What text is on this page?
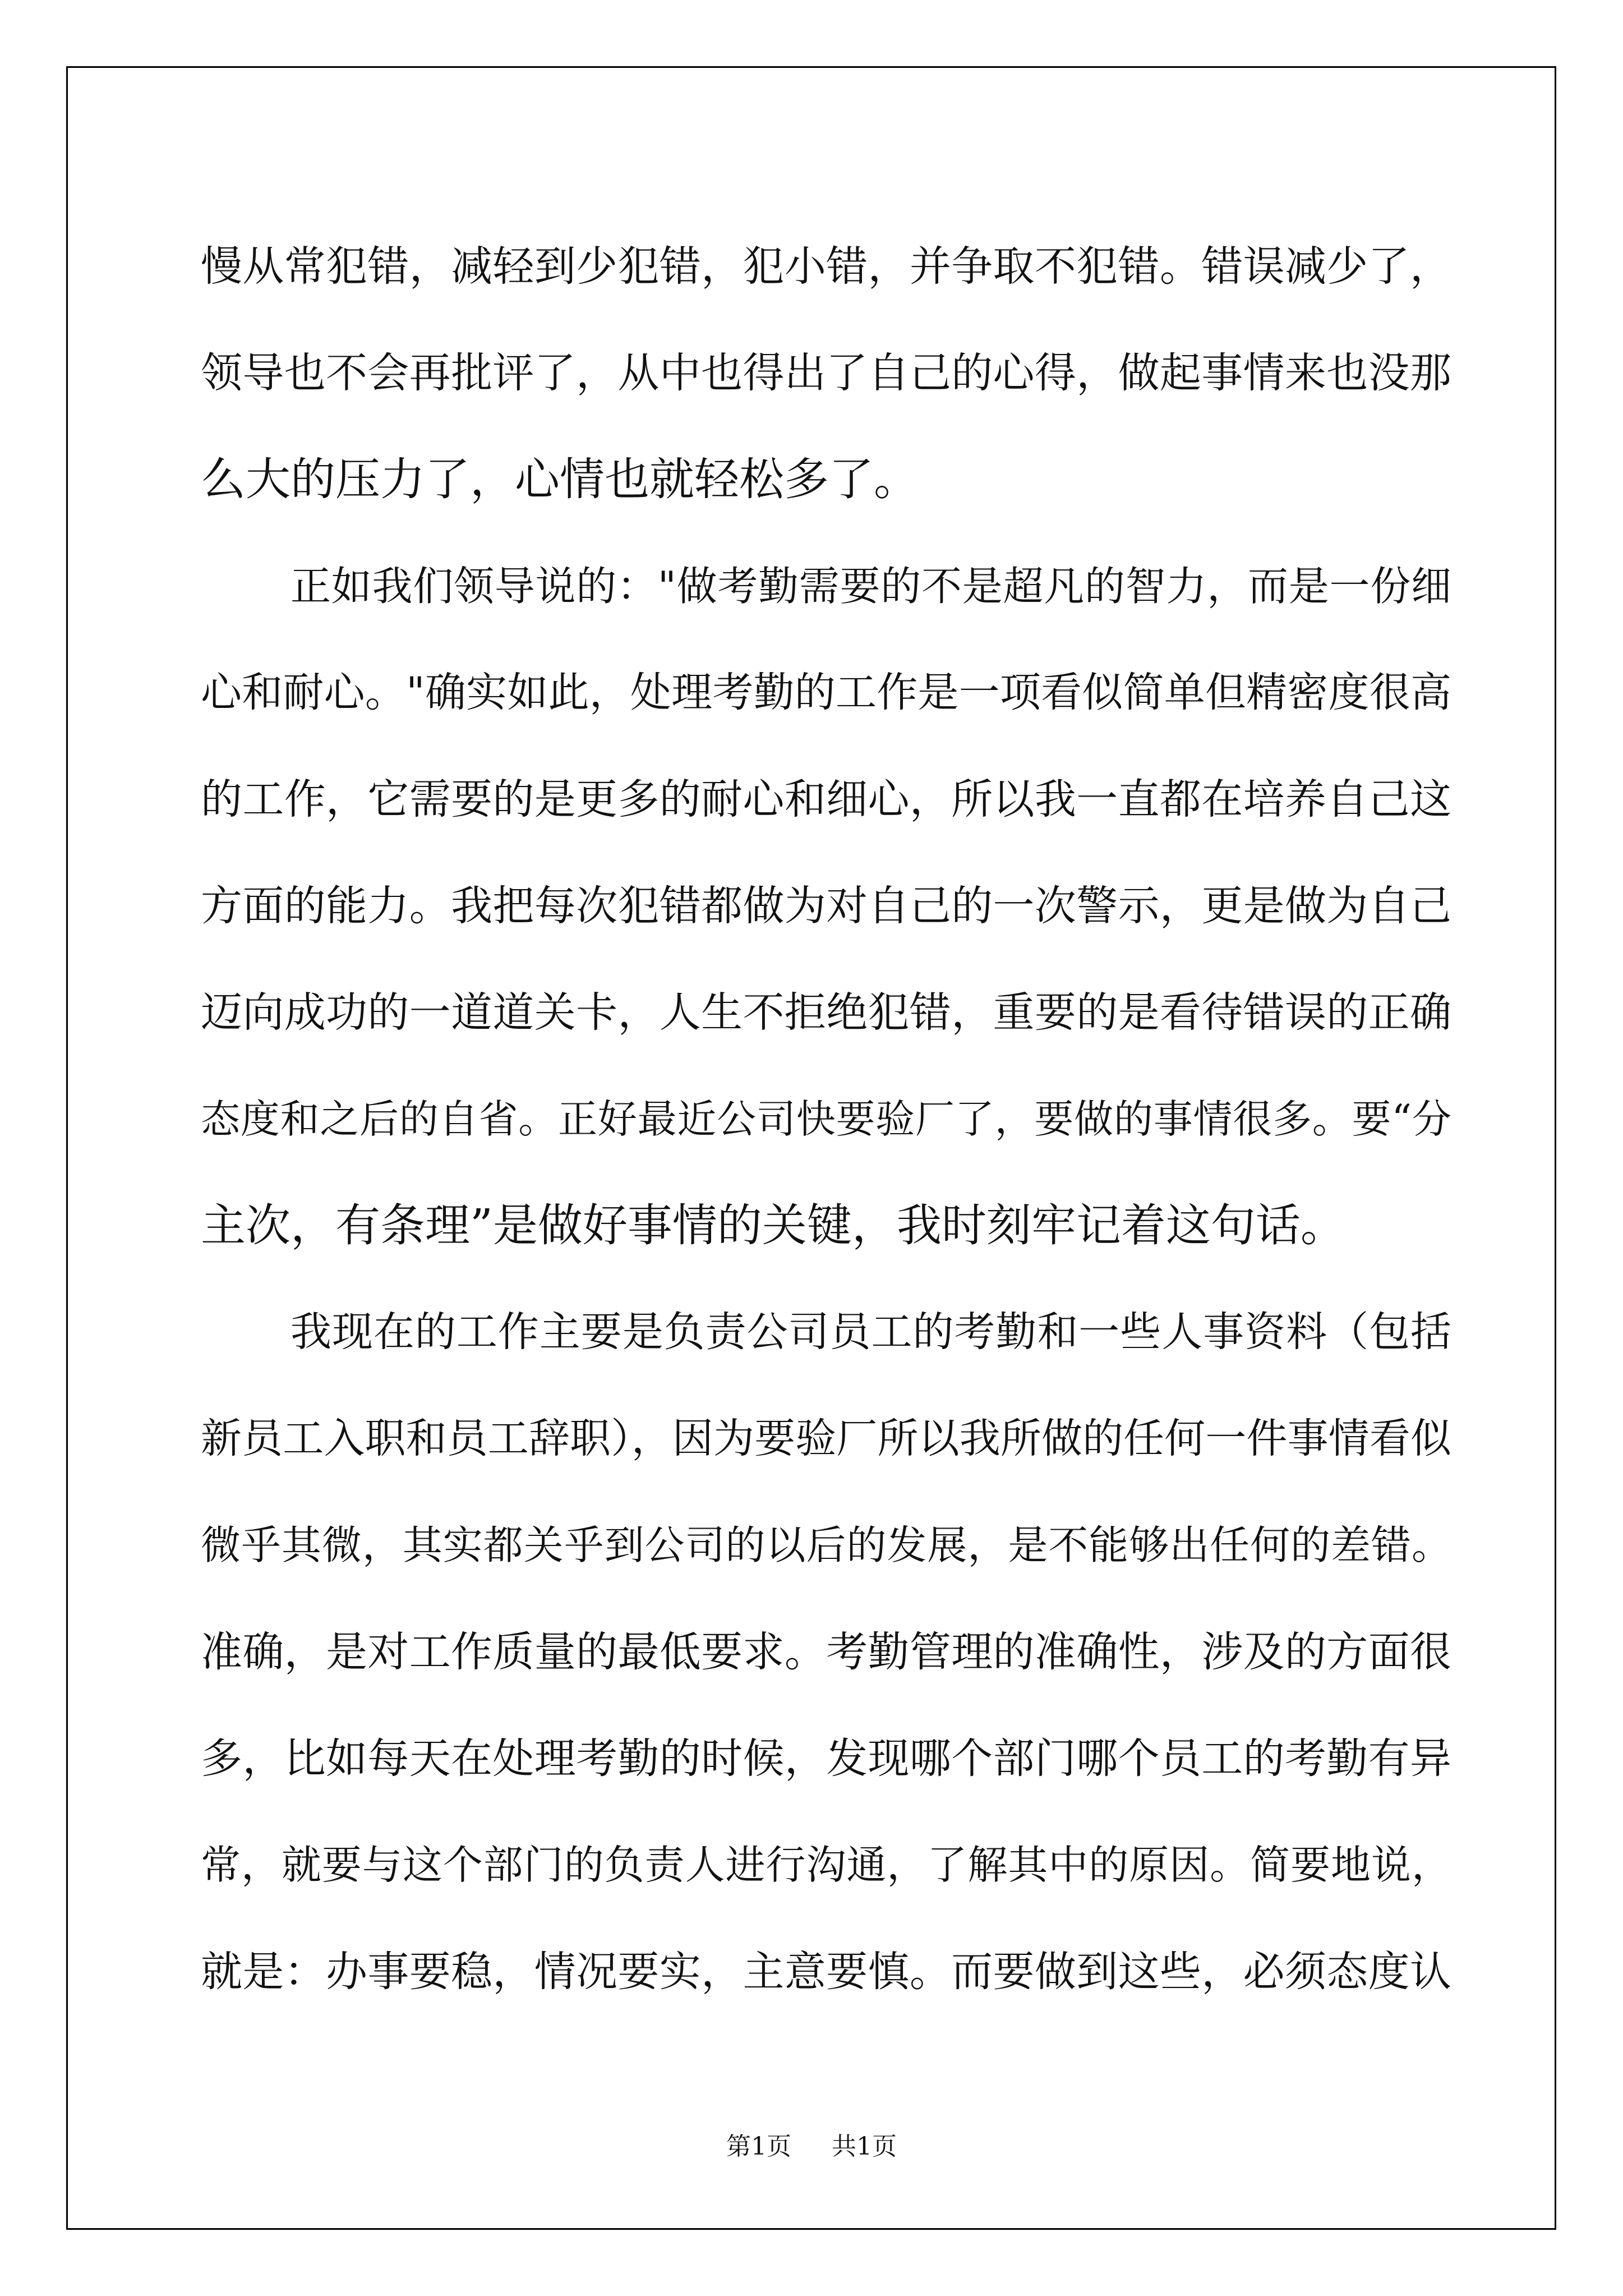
慢从常犯错，减轻到少犯错，犯小错，并争取不犯错。错误减少了，
领导也不会再批评了，从中也得出了自己的心得，做起事情来也没那
么大的压力了，心情也就轻松多了。
正如我们领导说的："做考勤需要的不是超凡的智力，而是一份细
心和耐心。"确实如此，处理考勤的工作是一项看似简单但精密度很高
的工作，它需要的是更多的耐心和细心，所以我一直都在培养自己这
方面的能力。我把每次犯错都做为对自己的一次警示，更是做为自己
迈向成功的一道道关卡，人生不拒绝犯错，重要的是看待错误的正确
态度和之后的自省。正好最近公司快要验厂了，要做的事情很多。要“分
主次，有条理”是做好事情的关键，我时刻牢记着这句话。
我现在的工作主要是负责公司员工的考勤和一些人事资料（包括
新员工入职和员工辞职），因为要验厂所以我所做的任何一件事情看似
微乎其微，其实都关乎到公司的以后的发展，是不能够出任何的差错。
准确，是对工作质量的最低要求。考勤管理的准确性，涉及的方面很
多，比如每天在处理考勤的时候，发现哪个部门哪个员工的考勤有异
常，就要与这个部门的负责人进行沟通，了解其中的原因。简要地说，
就是：办事要稳，情况要实，主意要慎。而要做到这些，必须态度认
第1页 共1页
